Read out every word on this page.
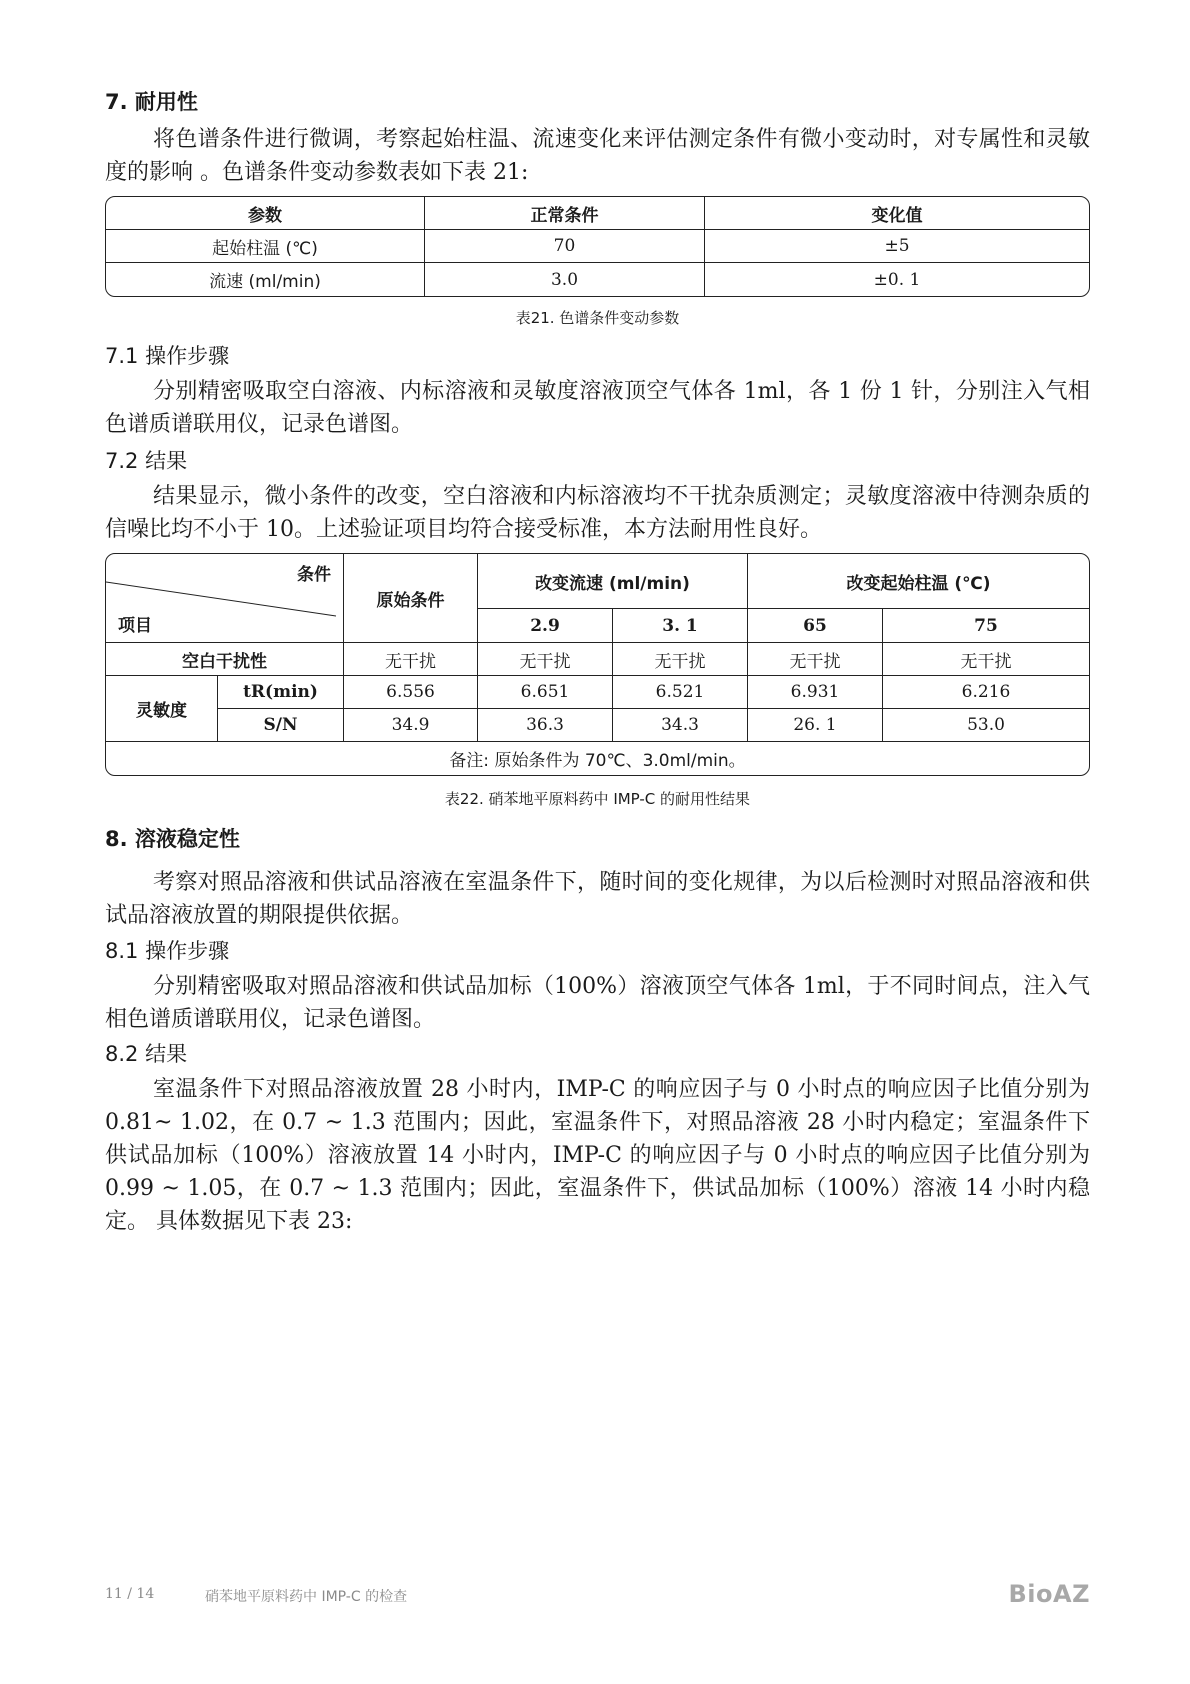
7. 耐用性
将色谱条件进行微调，考察起始柱温、流速变化来评估测定条件有微小变动时，对专属性和灵敏度的影响 。色谱条件变动参数表如下表 21:
参数	正常条件	变化值
起始柱温 (℃)	70	±5
流速 (ml/min)	3.0	±0. 1
表21. 色谱条件变动参数
7.1 操作步骤
分别精密吸取空白溶液、内标溶液和灵敏度溶液顶空气体各 1ml，各 1 份 1 针，分别注入气相色谱质谱联用仪，记录色谱图。
7.2 结果
结果显示，微小条件的改变，空白溶液和内标溶液均不干扰杂质测定；灵敏度溶液中待测杂质的信噪比均不小于 10。上述验证项目均符合接受标准，本方法耐用性良好。
条件
项目		原始条件	改变流速 (ml/min)		改变起始柱温 (℃)	
			2.9	3. 1	65	75
空白干扰性		无干扰	无干扰	无干扰	无干扰	无干扰
灵敏度	tR(min)	6.556	6.651	6.521	6.931	6.216
	S/N	34.9	36.3	34.3	26. 1	53.0
备注: 原始条件为 70℃、3.0ml/min。						
表22. 硝苯地平原料药中 IMP-C 的耐用性结果
8. 溶液稳定性
考察对照品溶液和供试品溶液在室温条件下，随时间的变化规律，为以后检测时对照品溶液和供试品溶液放置的期限提供依据。
8.1 操作步骤
分别精密吸取对照品溶液和供试品加标（100%）溶液顶空气体各 1ml，于不同时间点，注入气相色谱质谱联用仪，记录色谱图。
8.2 结果
室温条件下对照品溶液放置 28 小时内，IMP-C 的响应因子与 0 小时点的响应因子比值分别为 0.81~ 1.02，在 0.7 ~ 1.3 范围内；因此，室温条件下，对照品溶液 28 小时内稳定；室温条件下供试品加标（100%）溶液放置 14 小时内，IMP-C 的响应因子与 0 小时点的响应因子比值分别为 0.99 ~ 1.05，在 0.7 ~ 1.3 范围内；因此，室温条件下，供试品加标（100%）溶液 14 小时内稳定。 具体数据见下表 23:
11 / 14	硝苯地平原料药中 IMP-C 的检查	BioAZ
